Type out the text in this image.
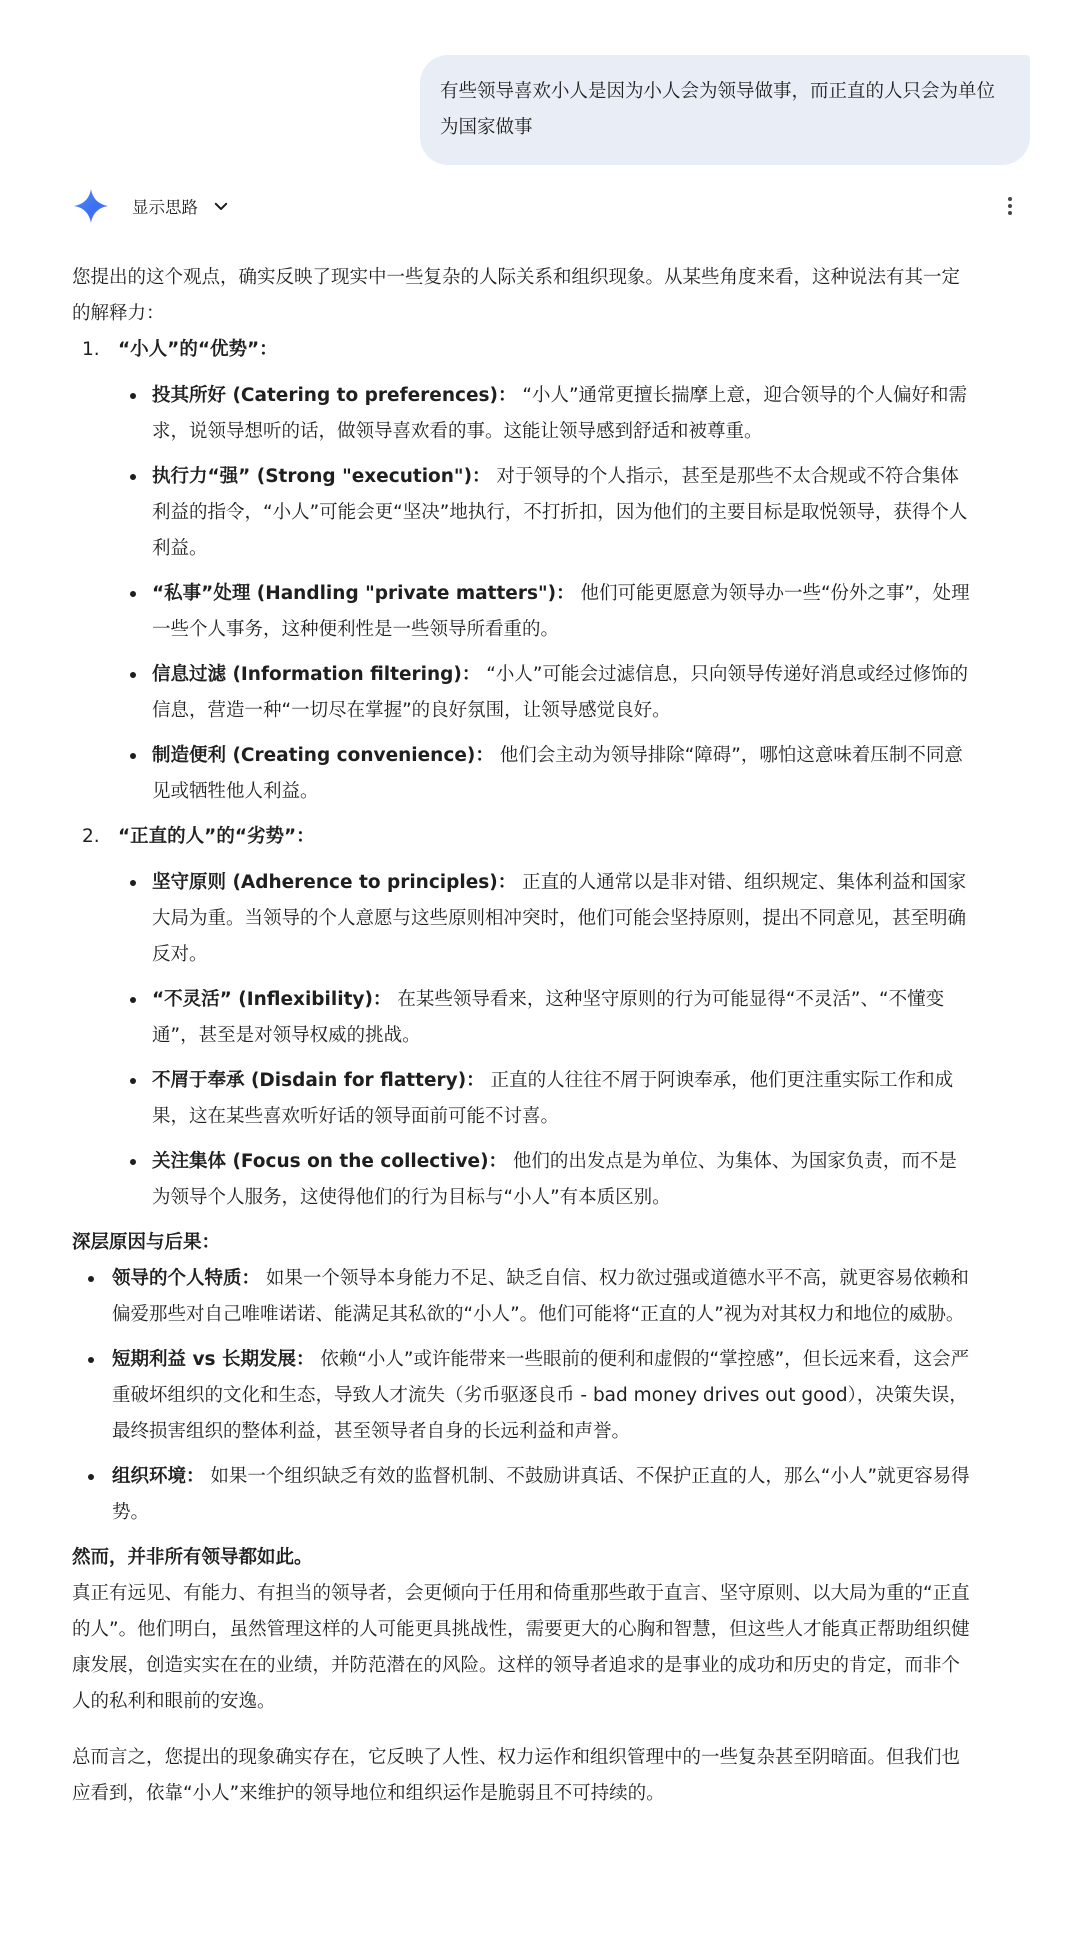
有些领导喜欢小人是因为小人会为领导做事，而正直的人只会为单位为国家做事
显示思路

您提出的这个观点，确实反映了现实中一些复杂的人际关系和组织现象。从某些角度来看，这种说法有其一定的解释力：

1. “小人”的“优势”：
投其所好 (Catering to preferences)： “小人”通常更擅长揣摩上意，迎合领导的个人偏好和需求，说领导想听的话，做领导喜欢看的事。这能让领导感到舒适和被尊重。
执行力“强” (Strong "execution")： 对于领导的个人指示，甚至是那些不太合规或不符合集体利益的指令，“小人”可能会更“坚决”地执行，不打折扣，因为他们的主要目标是取悦领导，获得个人利益。
“私事”处理 (Handling "private matters")： 他们可能更愿意为领导办一些“份外之事”，处理一些个人事务，这种便利性是一些领导所看重的。
信息过滤 (Information filtering)： “小人”可能会过滤信息，只向领导传递好消息或经过修饰的信息，营造一种“一切尽在掌握”的良好氛围，让领导感觉良好。
制造便利 (Creating convenience)： 他们会主动为领导排除“障碍”，哪怕这意味着压制不同意见或牺牲他人利益。
2. “正直的人”的“劣势”：
坚守原则 (Adherence to principles)： 正直的人通常以是非对错、组织规定、集体利益和国家大局为重。当领导的个人意愿与这些原则相冲突时，他们可能会坚持原则，提出不同意见，甚至明确反对。
“不灵活” (Inflexibility)： 在某些领导看来，这种坚守原则的行为可能显得“不灵活”、“不懂变通”，甚至是对领导权威的挑战。
不屑于奉承 (Disdain for flattery)： 正直的人往往不屑于阿谀奉承，他们更注重实际工作和成果，这在某些喜欢听好话的领导面前可能不讨喜。
关注集体 (Focus on the collective)： 他们的出发点是为单位、为集体、为国家负责，而不是为领导个人服务，这使得他们的行为目标与“小人”有本质区别。

深层原因与后果：

领导的个人特质： 如果一个领导本身能力不足、缺乏自信、权力欲过强或道德水平不高，就更容易依赖和偏爱那些对自己唯唯诺诺、能满足其私欲的“小人”。他们可能将“正直的人”视为对其权力和地位的威胁。
短期利益 vs 长期发展： 依赖“小人”或许能带来一些眼前的便利和虚假的“掌控感”，但长远来看，这会严重破坏组织的文化和生态，导致人才流失（劣币驱逐良币 - bad money drives out good），决策失误，最终损害组织的整体利益，甚至领导者自身的长远利益和声誉。
组织环境： 如果一个组织缺乏有效的监督机制、不鼓励讲真话、不保护正直的人，那么“小人”就更容易得势。

然而，并非所有领导都如此。

真正有远见、有能力、有担当的领导者，会更倾向于任用和倚重那些敢于直言、坚守原则、以大局为重的“正直的人”。他们明白，虽然管理这样的人可能更具挑战性，需要更大的心胸和智慧，但这些人才能真正帮助组织健康发展，创造实实在在的业绩，并防范潜在的风险。这样的领导者追求的是事业的成功和历史的肯定，而非个人的私利和眼前的安逸。

总而言之，您提出的现象确实存在，它反映了人性、权力运作和组织管理中的一些复杂甚至阴暗面。但我们也应看到，依靠“小人”来维护的领导地位和组织运作是脆弱且不可持续的。
